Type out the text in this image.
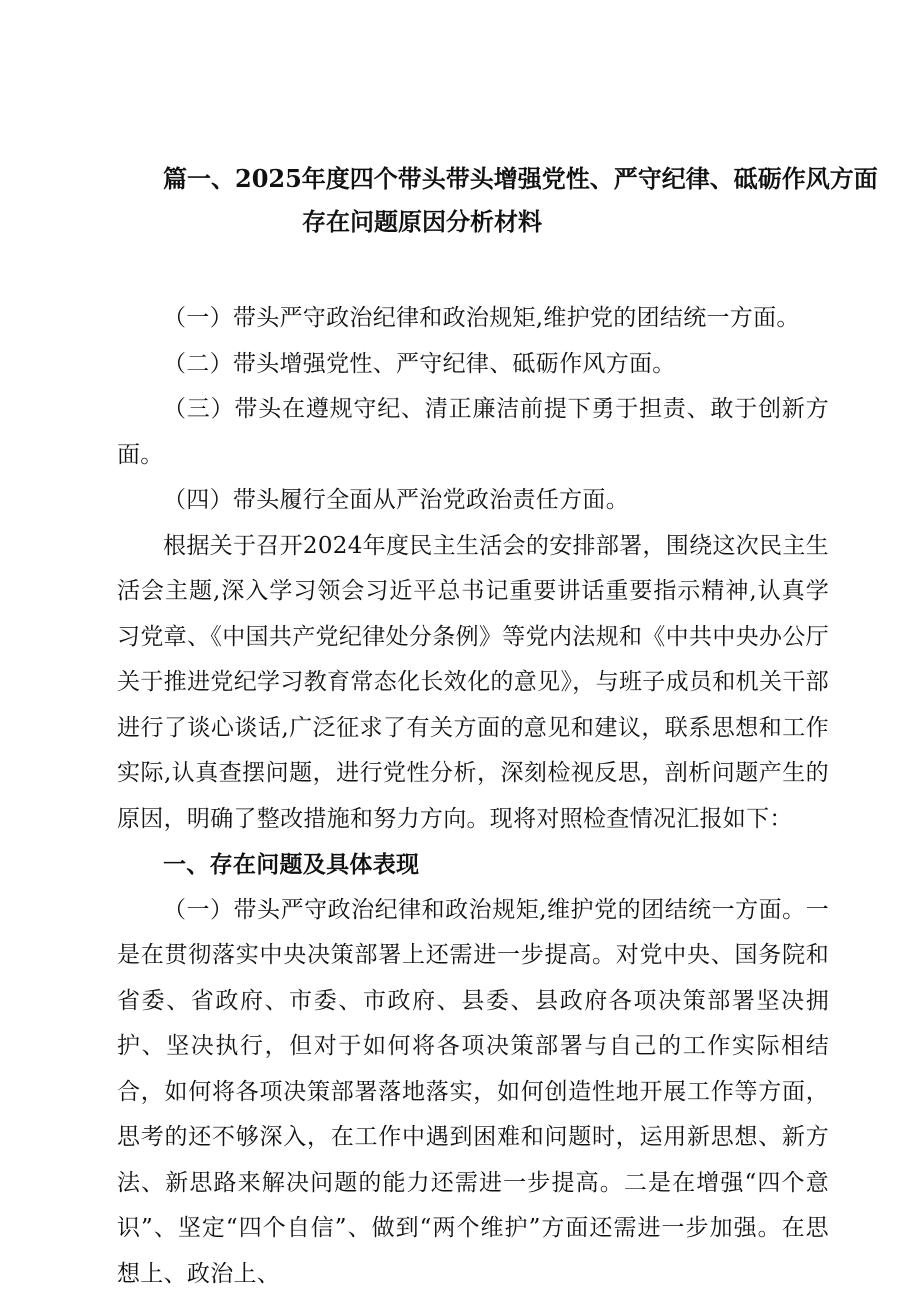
篇一、2025年度四个带头带头增强党性、严守纪律、砥砺作风方面
存在问题原因分析材料

（一）带头严守政治纪律和政治规矩,维护党的团结统一方面。

（二）带头增强党性、严守纪律、砥砺作风方面。

（三）带头在遵规守纪、清正廉洁前提下勇于担责、敢于创新方面。

（四）带头履行全面从严治党政治责任方面。

根据关于召开2024年度民主生活会的安排部署，围绕这次民主生活会主题,深入学习领会习近平总书记重要讲话重要指示精神,认真学习党章、《中国共产党纪律处分条例》等党内法规和《中共中央办公厅关于推进党纪学习教育常态化长效化的意见》，与班子成员和机关干部进行了谈心谈话,广泛征求了有关方面的意见和建议，联系思想和工作实际,认真查摆问题，进行党性分析，深刻检视反思，剖析问题产生的原因，明确了整改措施和努力方向。现将对照检查情况汇报如下：

一、存在问题及具体表现

（一）带头严守政治纪律和政治规矩,维护党的团结统一方面。一是在贯彻落实中央决策部署上还需进一步提高。对党中央、国务院和省委、省政府、市委、市政府、县委、县政府各项决策部署坚决拥护、坚决执行，但对于如何将各项决策部署与自己的工作实际相结合，如何将各项决策部署落地落实，如何创造性地开展工作等方面，思考的还不够深入，在工作中遇到困难和问题时，运用新思想、新方法、新思路来解决问题的能力还需进一步提高。二是在增强“四个意识”、坚定“四个自信”、做到“两个维护”方面还需进一步加强。在思想上、政治上、
